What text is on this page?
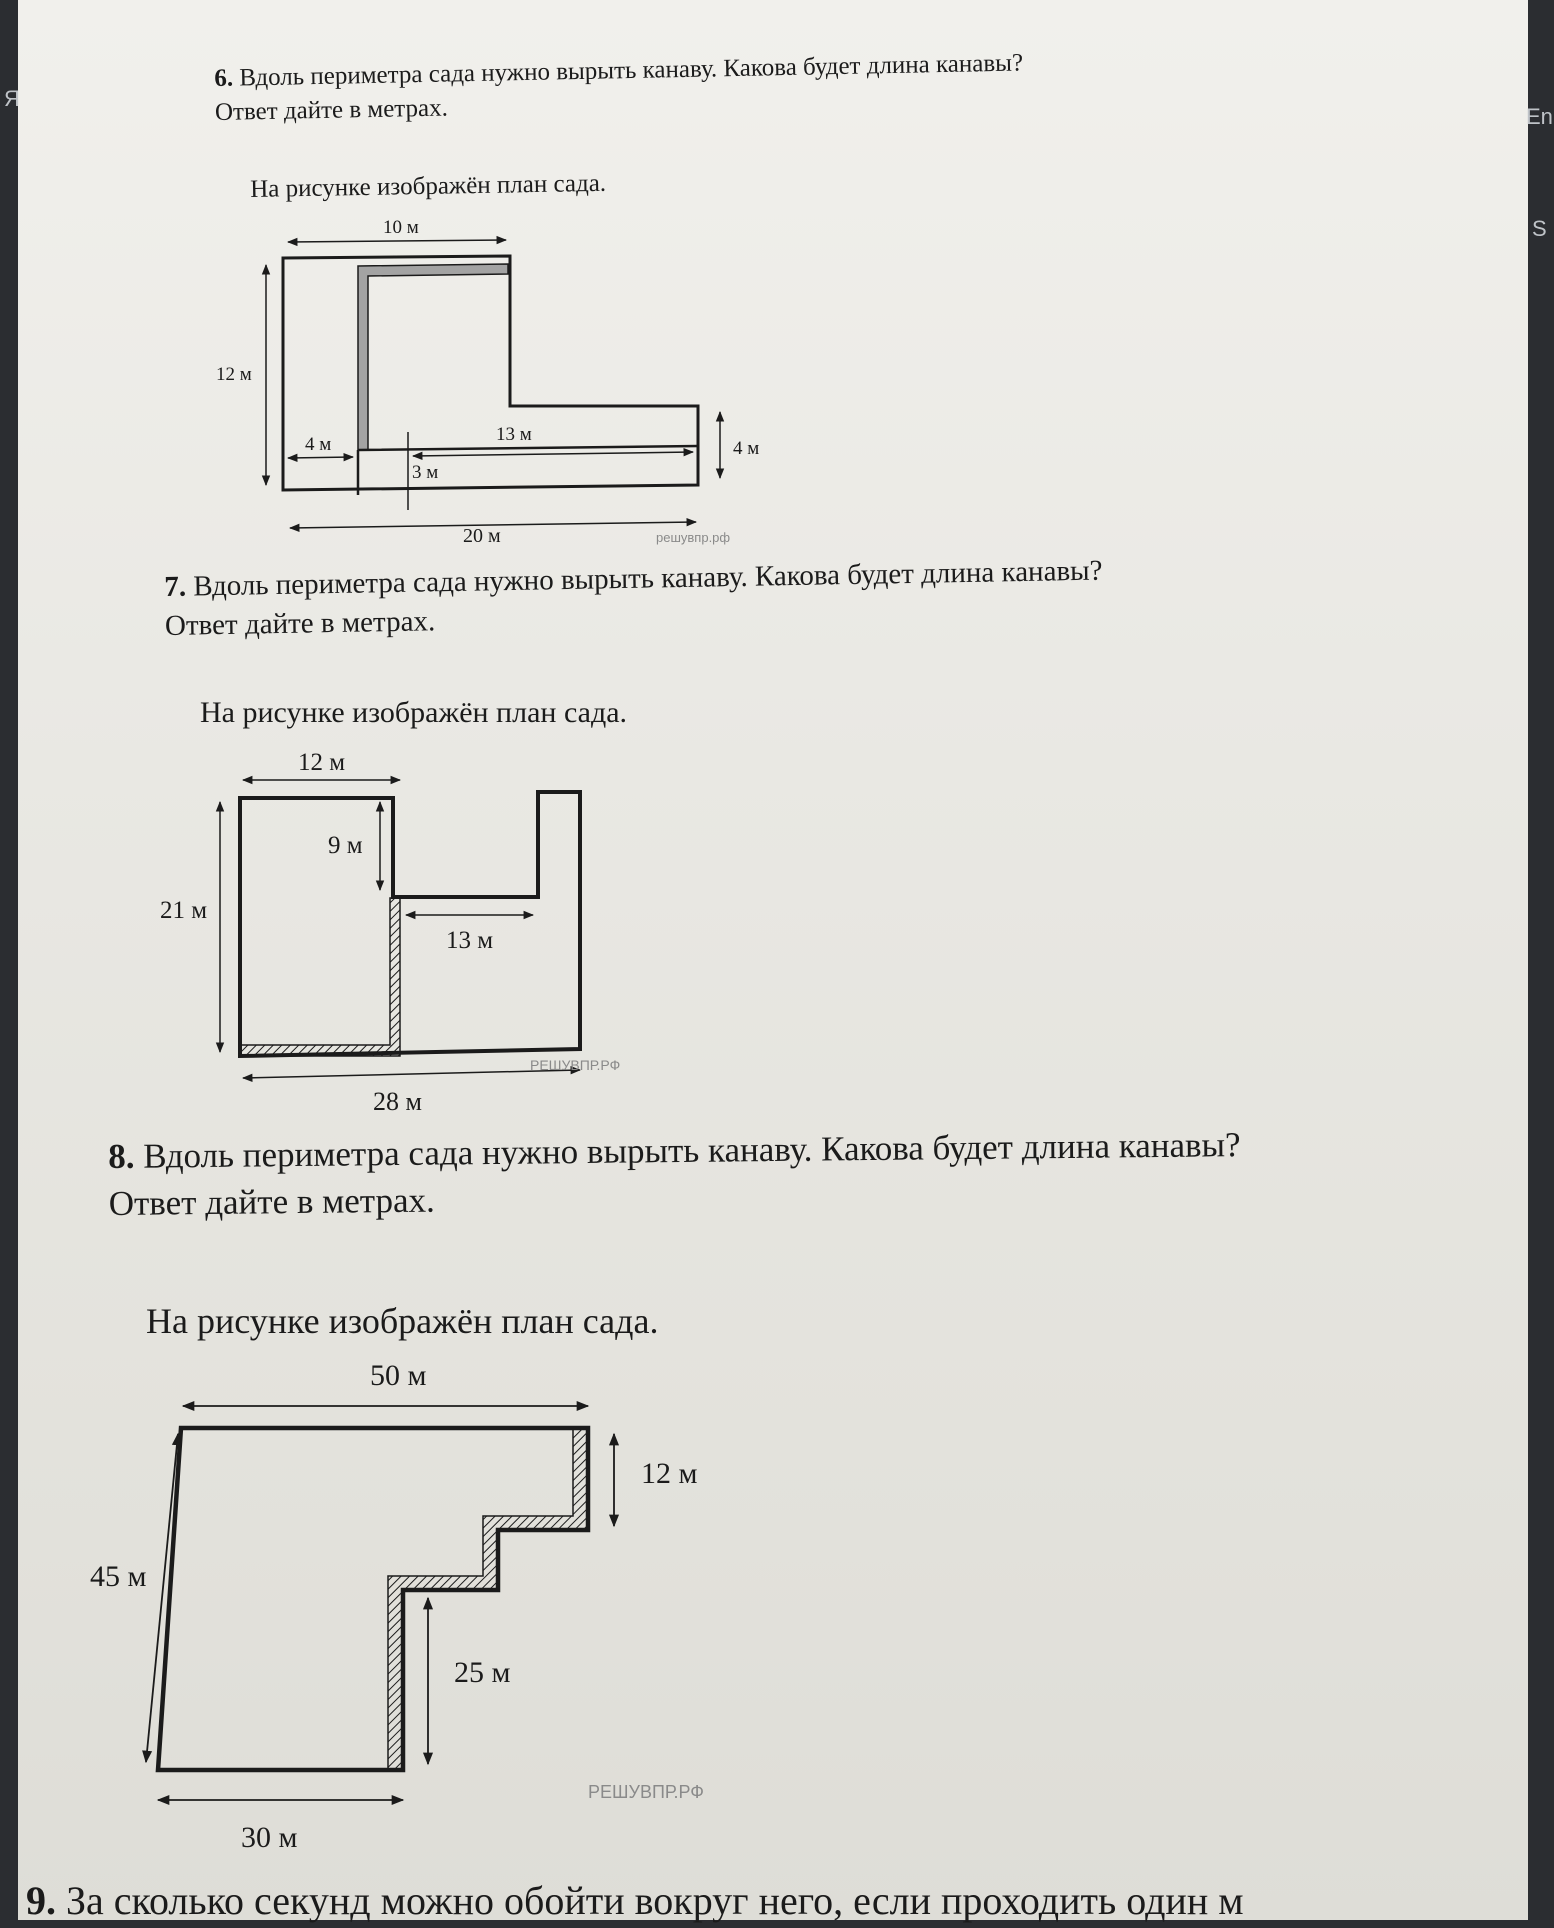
6. Вдоль периметра сада нужно вырыть канаву. Какова будет длина канавы?
Ответ дайте в метрах.
На рисунке изображён план сада.
10 м
12 м
4 м	13 м
3 м
4 м
20 м	решувпр.рф
7. Вдоль периметра сада нужно вырыть канаву. Какова будет длина канавы?
Ответ дайте в метрах.
На рисунке изображён план сада.
12 м
9 м
21 м
13 м
28 м
РЕШУВПР.РФ
8. Вдоль периметра сада нужно вырыть канаву. Какова будет длина канавы?
Ответ дайте в метрах.
На рисунке изображён план сада.
50 м
12 м
45 м
25 м
30 м
РЕШУВПР.РФ
9. За сколько секунд можно обойти вокруг него, если проходить один м
Я
En
S
